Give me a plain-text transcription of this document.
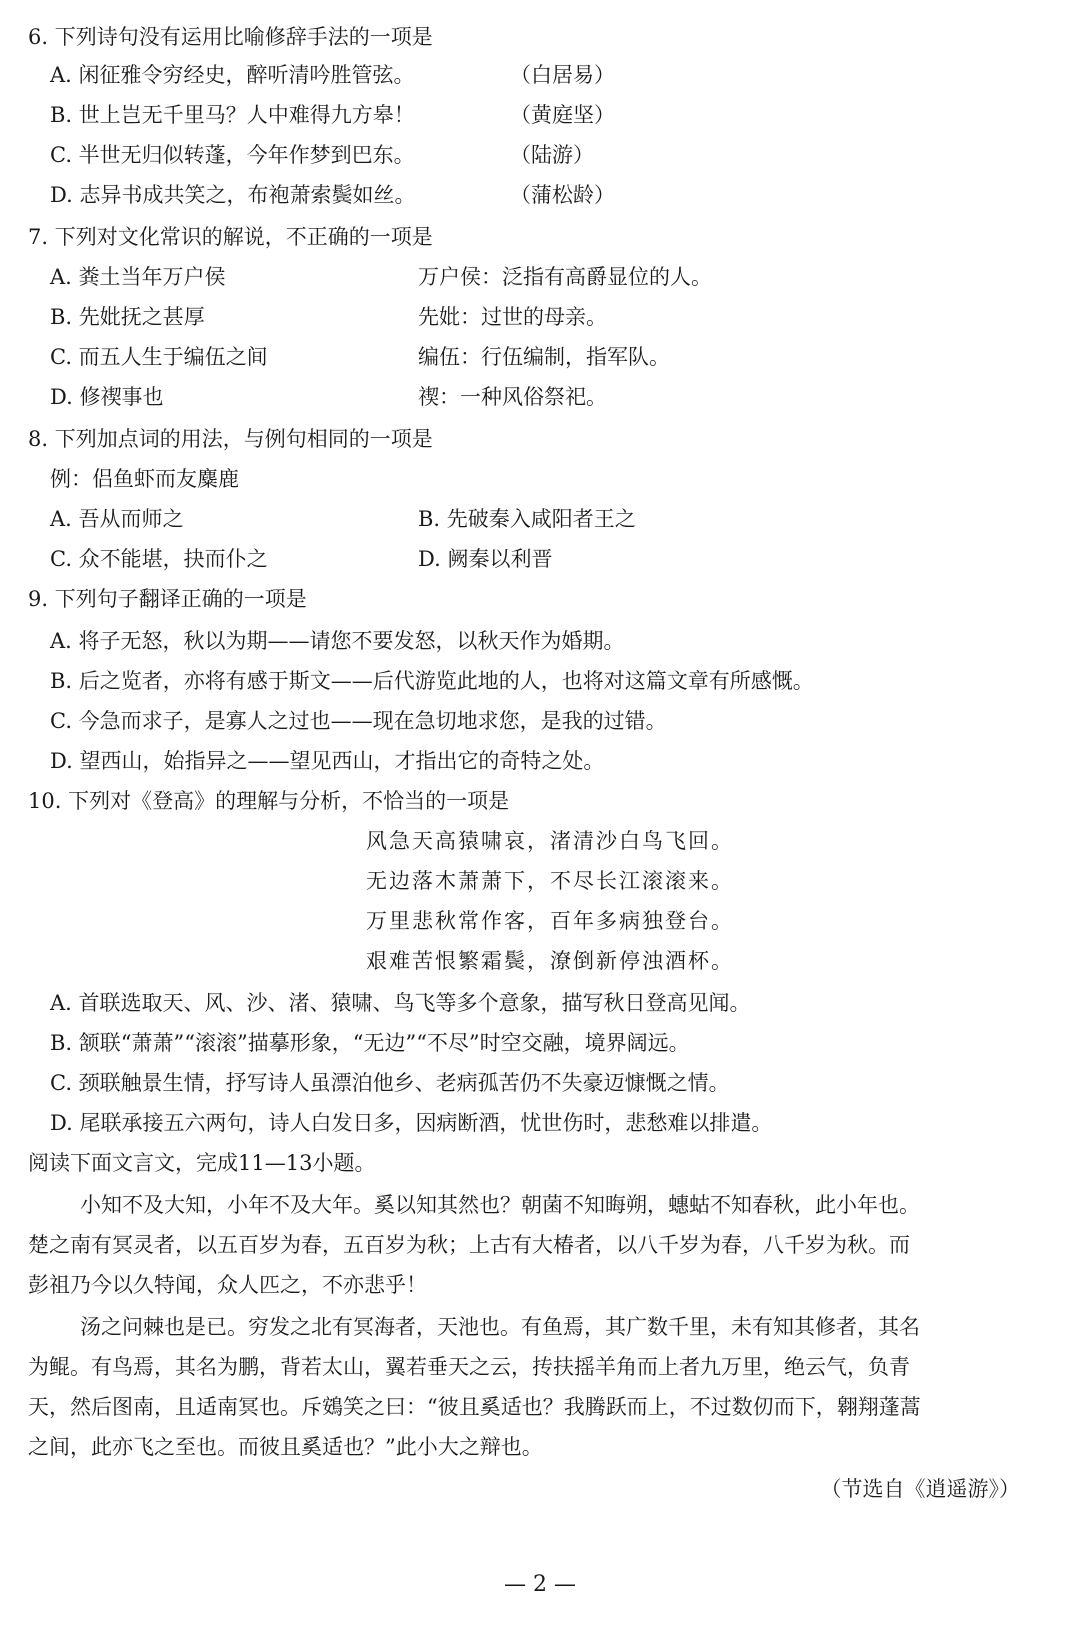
6. 下列诗句没有运用比喻修辞手法的一项是
A. 闲征雅令穷经史，醉听清吟胜管弦。	（白居易）
B. 世上岂无千里马？人中难得九方皋！	（黄庭坚）
C. 半世无归似转蓬，今年作梦到巴东。	（陆游）
D. 志异书成共笑之，布袍萧索鬓如丝。	（蒲松龄）
7. 下列对文化常识的解说，不正确的一项是
A. 粪土当年万户侯	万户侯：泛指有高爵显位的人。
B. 先妣抚之甚厚	先妣：过世的母亲。
C. 而五人生于编伍之间	编伍：行伍编制，指军队。
D. 修禊事也	禊：一种风俗祭祀。
8. 下列加点词的用法，与例句相同的一项是
例：侣鱼虾而友麋鹿
A. 吾从而师之	B. 先破秦入咸阳者王之
C. 众不能堪，抉而仆之	D. 阙秦以利晋
9. 下列句子翻译正确的一项是
A. 将子无怒，秋以为期——请您不要发怒，以秋天作为婚期。
B. 后之览者，亦将有感于斯文——后代游览此地的人，也将对这篇文章有所感慨。
C. 今急而求子，是寡人之过也——现在急切地求您，是我的过错。
D. 望西山，始指异之——望见西山，才指出它的奇特之处。
10. 下列对《登高》的理解与分析，不恰当的一项是
风急天高猿啸哀，渚清沙白鸟飞回。
无边落木萧萧下，不尽长江滚滚来。
万里悲秋常作客，百年多病独登台。
艰难苦恨繁霜鬓，潦倒新停浊酒杯。
A. 首联选取天、风、沙、渚、猿啸、鸟飞等多个意象，描写秋日登高见闻。
B. 颔联“萧萧”“滚滚”描摹形象，“无边”“不尽”时空交融，境界阔远。
C. 颈联触景生情，抒写诗人虽漂泊他乡、老病孤苦仍不失豪迈慷慨之情。
D. 尾联承接五六两句，诗人白发日多，因病断酒，忧世伤时，悲愁难以排遣。
阅读下面文言文，完成11—13小题。
小知不及大知，小年不及大年。奚以知其然也？朝菌不知晦朔，蟪蛄不知春秋，此小年也。
楚之南有冥灵者，以五百岁为春，五百岁为秋；上古有大椿者，以八千岁为春，八千岁为秋。而
彭祖乃今以久特闻，众人匹之，不亦悲乎！
汤之问棘也是已。穷发之北有冥海者，天池也。有鱼焉，其广数千里，未有知其修者，其名
为鲲。有鸟焉，其名为鹏，背若太山，翼若垂天之云，抟扶摇羊角而上者九万里，绝云气，负青
天，然后图南，且适南冥也。斥鴳笑之曰：“彼且奚适也？我腾跃而上，不过数仞而下，翱翔蓬蒿
之间，此亦飞之至也。而彼且奚适也？”此小大之辩也。
（节选自《逍遥游》）
— 2 —
